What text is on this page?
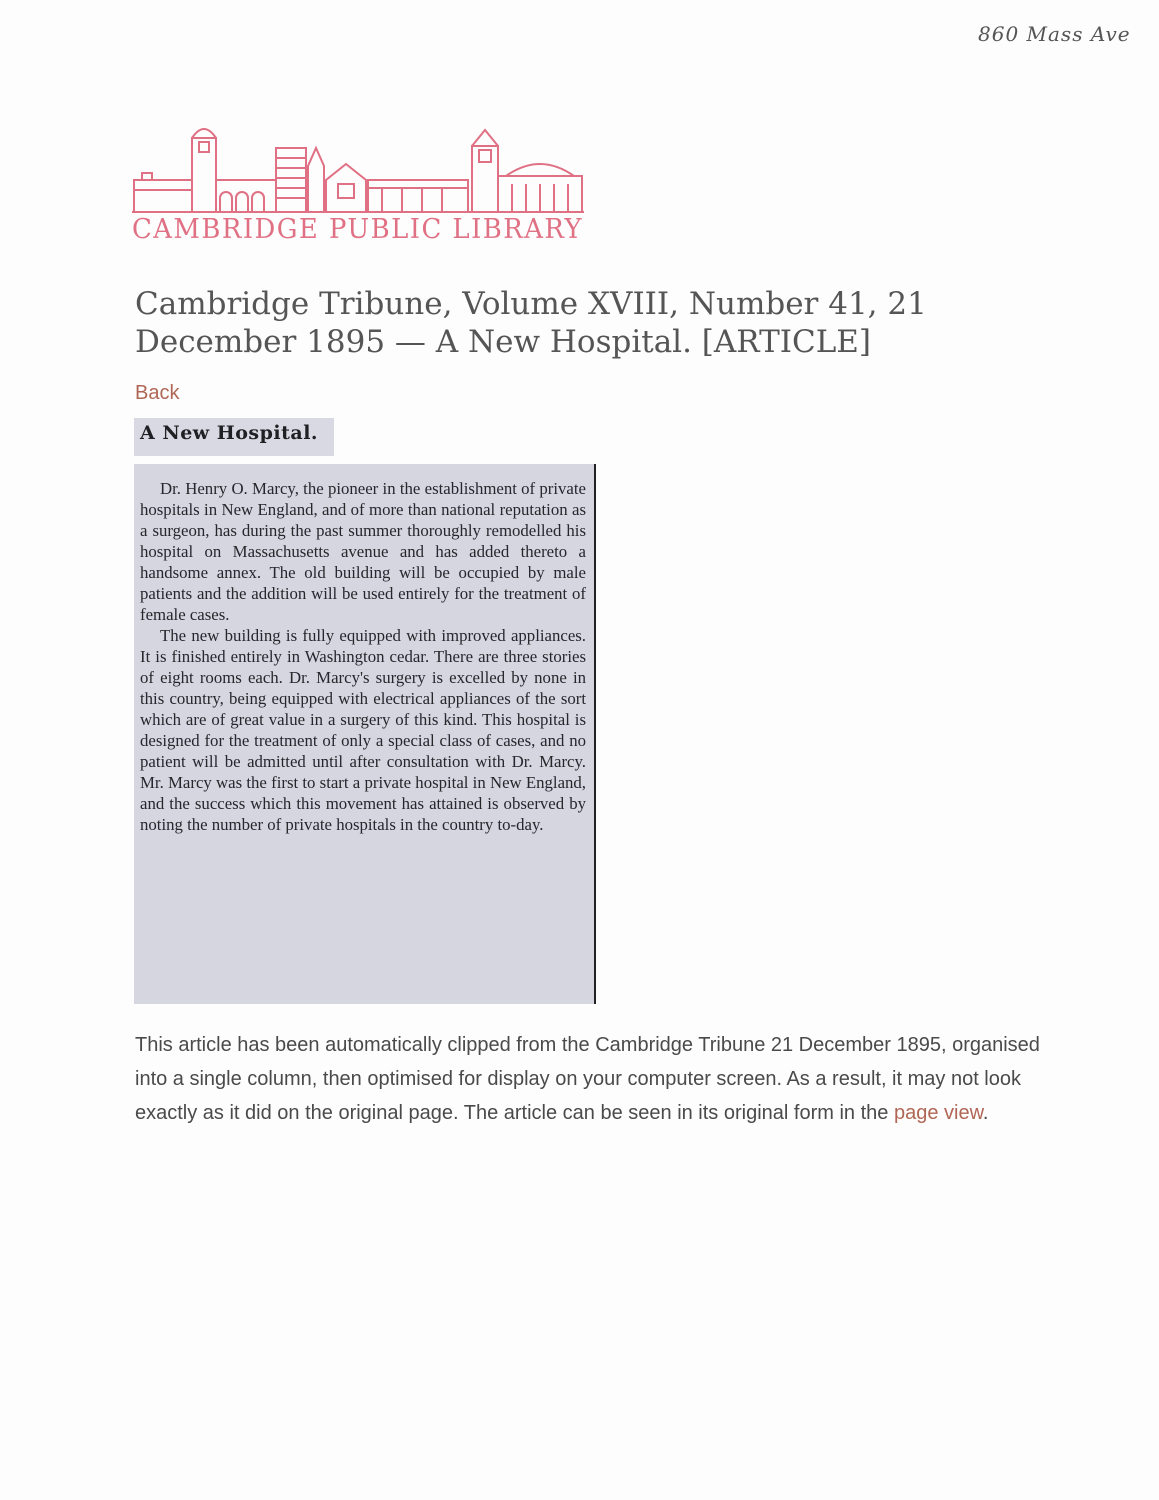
860 Mass Ave
CAMBRIDGE PUBLIC LIBRARY
Cambridge Tribune, Volume XVIII, Number 41, 21 December 1895 — A New Hospital. [ARTICLE]
Back
A New Hospital.

Dr. Henry O. Marcy, the pioneer in the establishment of private hospitals in New England, and of more than national reputation as a surgeon, has during the past summer thoroughly remodelled his hospital on Massachusetts avenue and has added thereto a handsome annex. The old building will be occupied by male patients and the addition will be used entirely for the treatment of female cases.

The new building is fully equipped with improved appliances. It is finished entirely in Washington cedar. There are three stories of eight rooms each. Dr. Marcy's surgery is excelled by none in this country, being equipped with electrical appliances of the sort which are of great value in a surgery of this kind. This hospital is designed for the treatment of only a special class of cases, and no patient will be admitted until after consultation with Dr. Marcy. Mr. Marcy was the first to start a private hospital in New England, and the success which this movement has attained is observed by noting the number of private hospitals in the country to-day.

This article has been automatically clipped from the Cambridge Tribune 21 December 1895, organised into a single column, then optimised for display on your computer screen. As a result, it may not look exactly as it did on the original page. The article can be seen in its original form in the page view.
